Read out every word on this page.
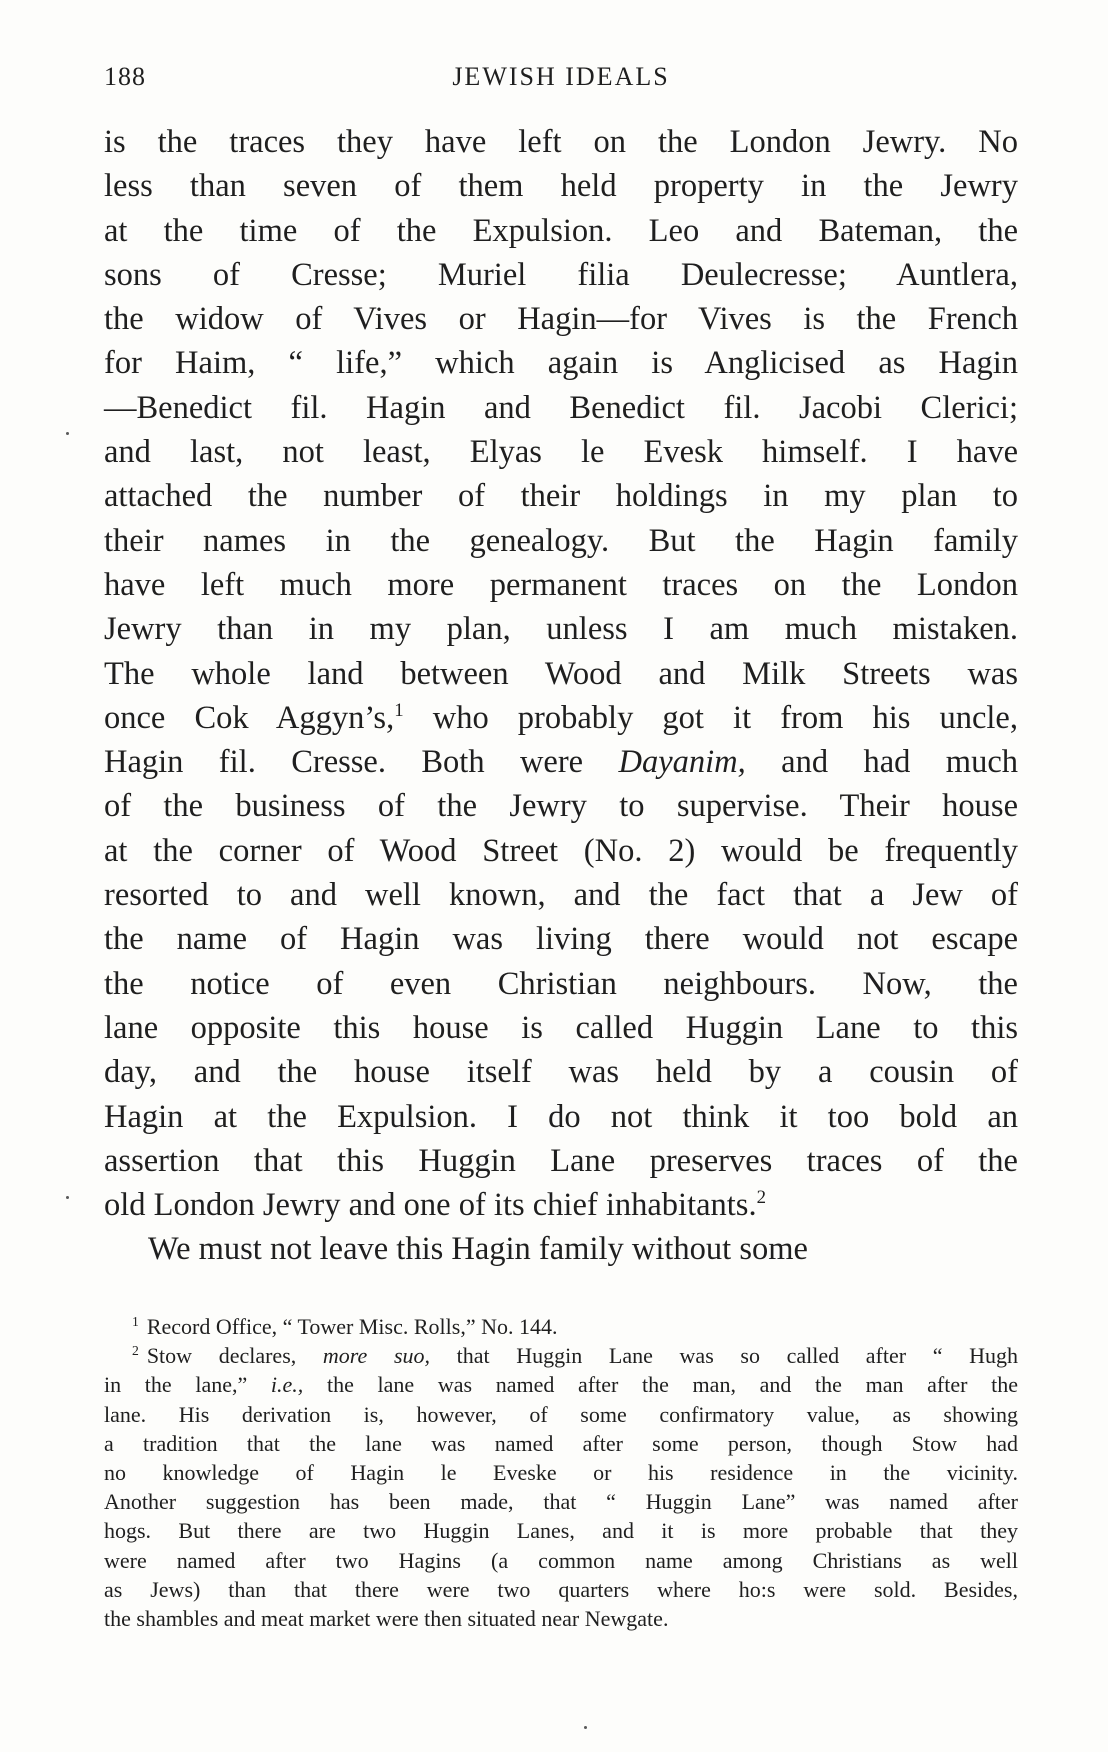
188	JEWISH IDEALS
is the traces they have left on the London Jewry. No
less than seven of them held property in the Jewry
at the time of the Expulsion. Leo and Bateman, the
sons of Cresse; Muriel filia Deulecresse; Auntlera,
the widow of Vives or Hagin—for Vives is the French
for Haim, “ life,” which again is Anglicised as Hagin
—Benedict fil. Hagin and Benedict fil. Jacobi Clerici;
and last, not least, Elyas le Evesk himself. I have
attached the number of their holdings in my plan to
their names in the genealogy. But the Hagin family
have left much more permanent traces on the London
Jewry than in my plan, unless I am much mistaken.
The whole land between Wood and Milk Streets was
once Cok Aggyn’s,$^1$ who probably got it from his uncle,
Hagin fil. Cresse. Both were Dayanim, and had much
of the business of the Jewry to supervise. Their house
at the corner of Wood Street (No. 2) would be frequently
resorted to and well known, and the fact that a Jew of
the name of Hagin was living there would not escape
the notice of even Christian neighbours. Now, the
lane opposite this house is called Huggin Lane to this
day, and the house itself was held by a cousin of
Hagin at the Expulsion. I do not think it too bold an
assertion that this Huggin Lane preserves traces of the
old London Jewry and one of its chief inhabitants.$^2$
We must not leave this Hagin family without some
$^1$ Record Office, “ Tower Misc. Rolls,” No. 144.
$^2$ Stow declares, more suo, that Huggin Lane was so called after “ Hugh
in the lane,” i.e., the lane was named after the man, and the man after the
lane. His derivation is, however, of some confirmatory value, as showing
a tradition that the lane was named after some person, though Stow had
no knowledge of Hagin le Eveske or his residence in the vicinity.
Another suggestion has been made, that “ Huggin Lane” was named after
hogs. But there are two Huggin Lanes, and it is more probable that they
were named after two Hagins (a common name among Christians as well
as Jews) than that there were two quarters where ho:s were sold. Besides,
the shambles and meat market were then situated near Newgate.
